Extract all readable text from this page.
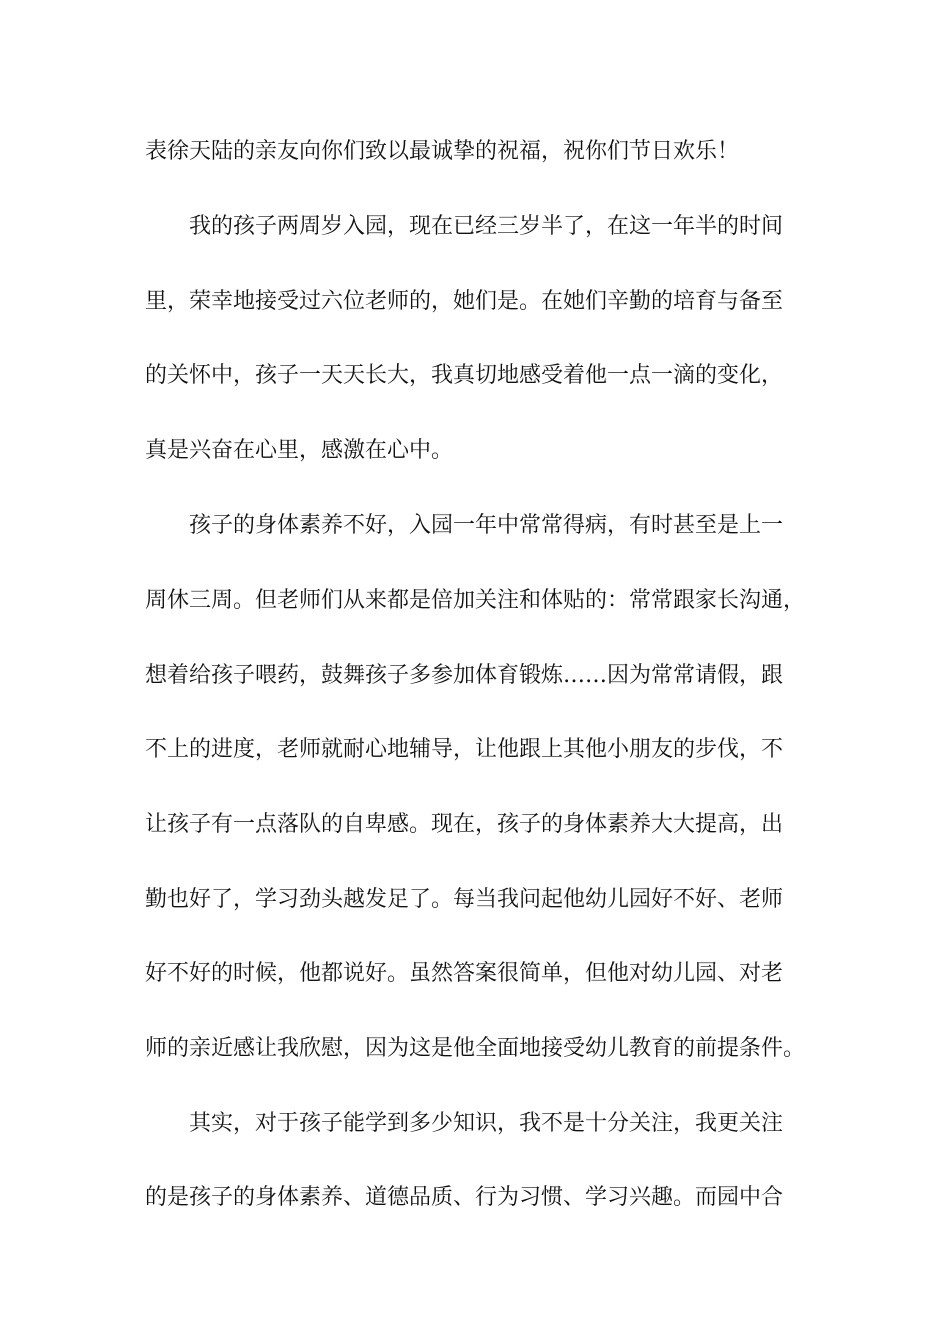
表徐天陆的亲友向你们致以最诚挚的祝福，祝你们节日欢乐！
　　我的孩子两周岁入园，现在已经三岁半了，在这一年半的时间
里，荣幸地接受过六位老师的，她们是。在她们辛勤的培育与备至
的关怀中，孩子一天天长大，我真切地感受着他一点一滴的变化，
真是兴奋在心里，感激在心中。
　　孩子的身体素养不好，入园一年中常常得病，有时甚至是上一
周休三周。但老师们从来都是倍加关注和体贴的：常常跟家长沟通，
想着给孩子喂药，鼓舞孩子多参加体育锻炼……因为常常请假，跟
不上的进度，老师就耐心地辅导，让他跟上其他小朋友的步伐，不
让孩子有一点落队的自卑感。现在，孩子的身体素养大大提高，出
勤也好了，学习劲头越发足了。每当我问起他幼儿园好不好、老师
好不好的时候，他都说好。虽然答案很简单，但他对幼儿园、对老
师的亲近感让我欣慰，因为这是他全面地接受幼儿教育的前提条件。
　　其实，对于孩子能学到多少知识，我不是十分关注，我更关注
的是孩子的身体素养、道德品质、行为习惯、学习兴趣。而园中合
